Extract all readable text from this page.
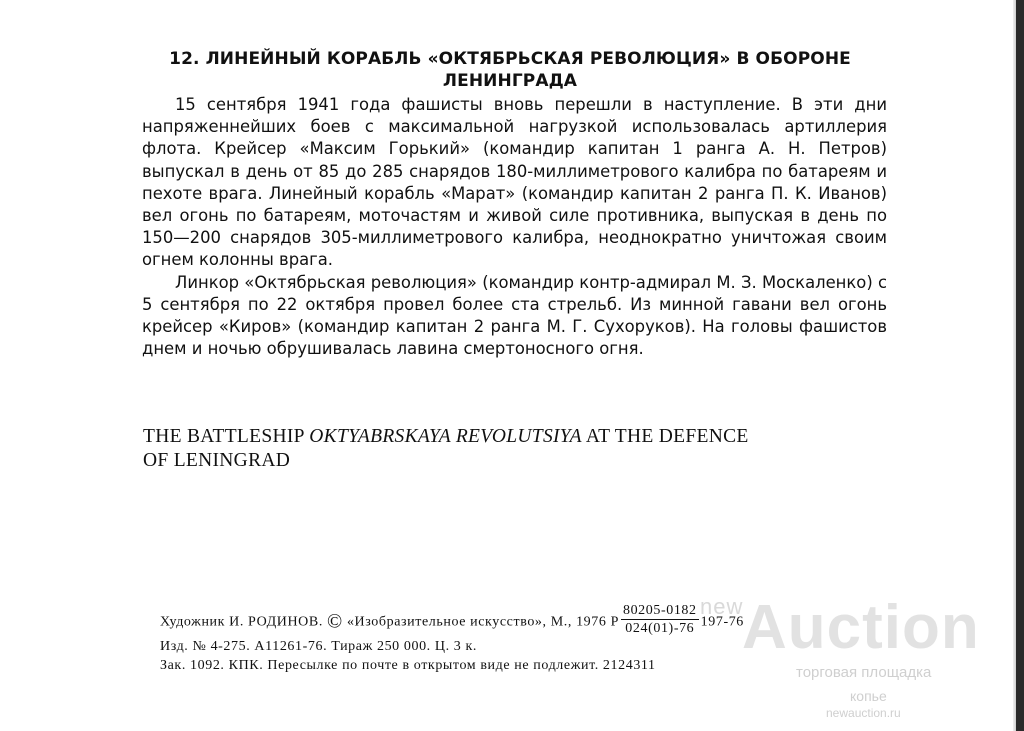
12. ЛИНЕЙНЫЙ КОРАБЛЬ «ОКТЯБРЬСКАЯ РЕВОЛЮЦИЯ» В ОБОРОНЕ
ЛЕНИНГРАДА

15 сентября 1941 года фашисты вновь перешли в наступление. В эти дни напряженнейших боев с максимальной нагрузкой использовалась артиллерия флота. Крейсер «Максим Горький» (командир капитан 1 ранга А. Н. Петров) выпускал в день от 85 до 285 снарядов 180-миллиметрового калибра по батареям и пехоте врага. Линейный корабль «Марат» (командир капитан 2 ранга П. К. Иванов) вел огонь по батареям, моточастям и живой силе противника, выпуская в день по 150—200 снарядов 305-миллиметрового калибра, неоднократно уничтожая своим огнем колонны врага.

Линкор «Октябрьская революция» (командир контр-адмирал М. З. Москаленко) с 5 сентября по 22 октября провел более ста стрельб. Из минной гавани вел огонь крейсер «Киров» (командир капитан 2 ранга М. Г. Сухоруков). На головы фашистов днем и ночью обрушивалась лавина смертоносного огня.

THE BATTLESHIP OKTYABRSKAYA REVOLUTSIYA AT THE DEFENCE
OF LENINGRAD
Художник И. РОДИНОВ. © «Изобразительное искусство», М., 1976 Р $\frac{80205-0182}{024(01)-76} 197-76$
Изд. № 4-275. А11261-76. Тираж 250 000. Ц. 3 к.
Зак. 1092. КПК. Пересылке по почте в открытом виде не подлежит. 2124311
new
Auction
торговая площадка
копье
newauction.ru
